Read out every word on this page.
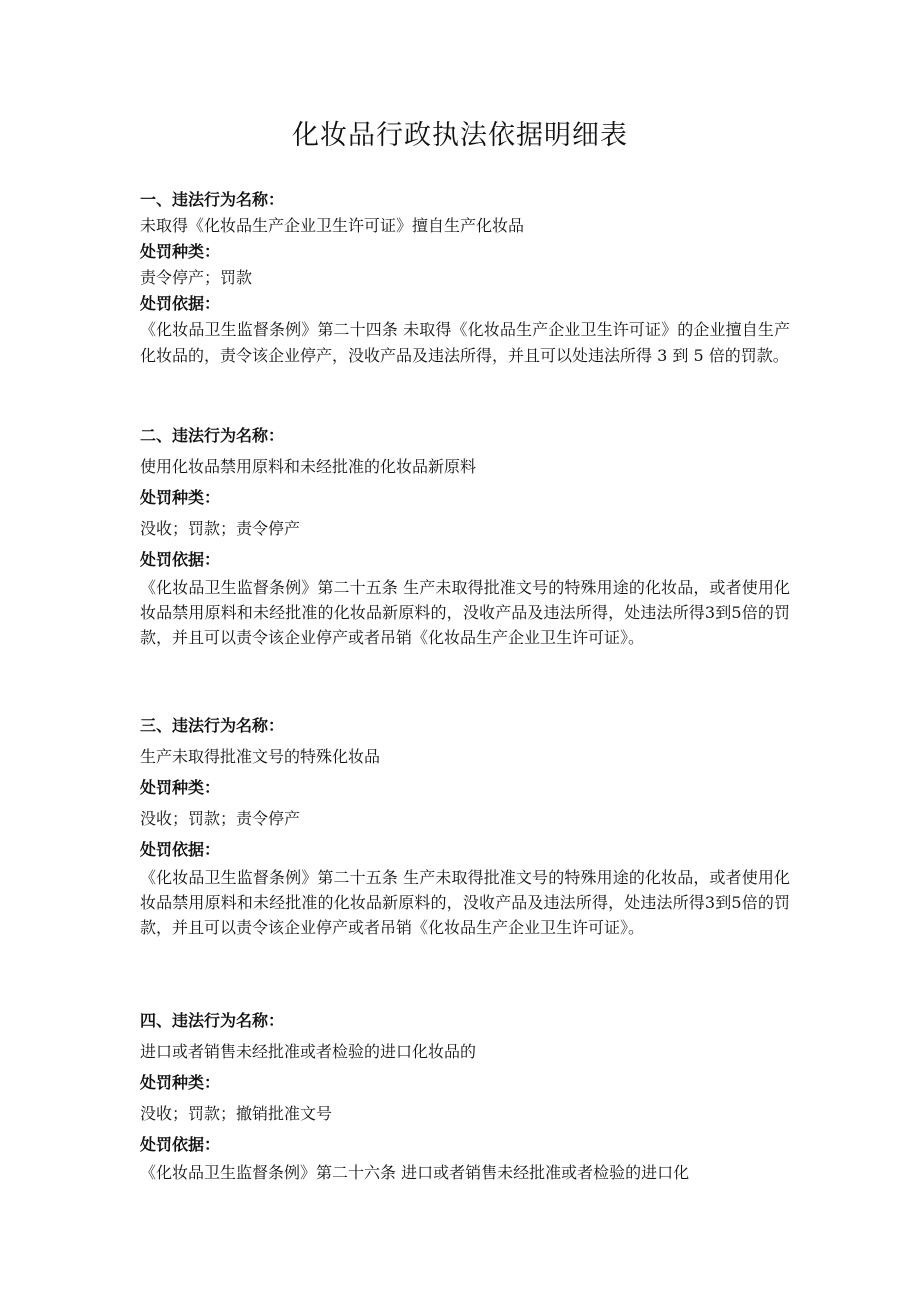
化妆品行政执法依据明细表
一、违法行为名称：
未取得《化妆品生产企业卫生许可证》擅自生产化妆品
处罚种类：
责令停产；罚款
处罚依据：

《化妆品卫生监督条例》第二十四条 未取得《化妆品生产企业卫生许可证》的企业擅自生产化妆品的，责令该企业停产，没收产品及违法所得，并且可以处违法所得 3 到 5 倍的罚款。

二、违法行为名称：
使用化妆品禁用原料和未经批准的化妆品新原料
处罚种类：
没收；罚款；责令停产
处罚依据：

《化妆品卫生监督条例》第二十五条 生产未取得批准文号的特殊用途的化妆品，或者使用化妆品禁用原料和未经批准的化妆品新原料的，没收产品及违法所得，处违法所得3到5倍的罚款，并且可以责令该企业停产或者吊销《化妆品生产企业卫生许可证》。

三、违法行为名称：
生产未取得批准文号的特殊化妆品
处罚种类：
没收；罚款；责令停产
处罚依据：

《化妆品卫生监督条例》第二十五条 生产未取得批准文号的特殊用途的化妆品，或者使用化妆品禁用原料和未经批准的化妆品新原料的，没收产品及违法所得，处违法所得3到5倍的罚款，并且可以责令该企业停产或者吊销《化妆品生产企业卫生许可证》。

四、违法行为名称：
进口或者销售未经批准或者检验的进口化妆品的
处罚种类：
没收；罚款；撤销批准文号
处罚依据：

《化妆品卫生监督条例》第二十六条 进口或者销售未经批准或者检验的进口化
